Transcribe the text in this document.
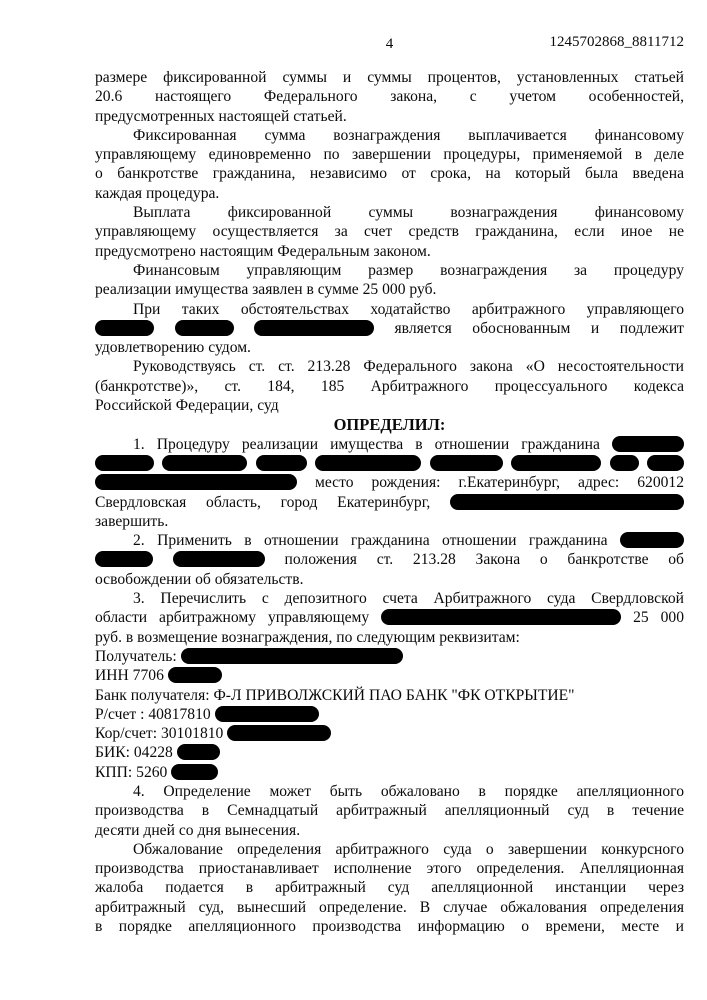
4	1245702868_8811712
размере фиксированной суммы и суммы процентов, установленных статьей
20.6 настоящего Федерального закона, с учетом особенностей,
предусмотренных настоящей статьей.
Фиксированная сумма вознаграждения выплачивается финансовому
управляющему единовременно по завершении процедуры, применяемой в деле
о банкротстве гражданина, независимо от срока, на который была введена
каждая процедура.
Выплата фиксированной суммы вознаграждения финансовому
управляющему осуществляется за счет средств гражданина, если иное не
предусмотрено настоящим Федеральным законом.
Финансовым управляющим размер вознаграждения за процедуру
реализации имущества заявлен в сумме 25 000 руб.
При таких обстоятельствах ходатайство арбитражного управляющего
является обоснованным и подлежит
удовлетворению судом.
Руководствуясь ст. ст. 213.28 Федерального закона «О несостоятельности
(банкротстве)», ст. 184, 185 Арбитражного процессуального кодекса
Российской Федерации, суд
ОПРЕДЕЛИЛ:
1. Процедуру реализации имущества в отношении гражданина

место рождения: г.Екатеринбург, адрес: 620012
Свердловская область, город Екатеринбург,
завершить.
2. Применить в отношении гражданина отношении гражданина
положения ст. 213.28 Закона о банкротстве об
освобождении об обязательств.
3. Перечислить с депозитного счета Арбитражного суда Свердловской
области арбитражному управляющему	25 000
руб. в возмещение вознаграждения, по следующим реквизитам:
Получатель:
ИНН 7706
Банк получателя: Ф-Л ПРИВОЛЖСКИЙ ПАО БАНК "ФК ОТКРЫТИЕ"
Р/счет : 40817810
Кор/счет: 30101810
БИК: 04228
КПП: 5260
4. Определение может быть обжаловано в порядке апелляционного
производства в Семнадцатый арбитражный апелляционный суд в течение
десяти дней со дня вынесения.
Обжалование определения арбитражного суда о завершении конкурсного
производства приостанавливает исполнение этого определения. Апелляционная
жалоба подается в арбитражный суд апелляционной инстанции через
арбитражный суд, вынесший определение. В случае обжалования определения
в порядке апелляционного производства информацию о времени, месте и
